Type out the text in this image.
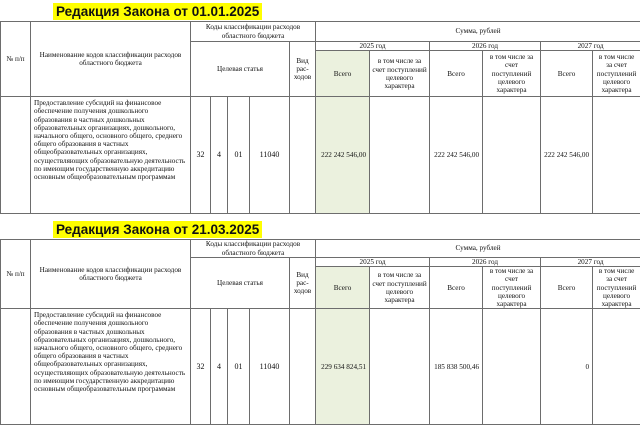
Редакция Закона от 01.01.2025
№ п/п	Наименование кодов классификации расходов областного бюджета	Коды классификации расходов областного бюджета					Сумма, рублей					
		Целевая статья				Вид рас-ходов	2025 год		2026 год		2027 год	
							Всего	в том числе за счет поступлений целевого характера	Всего	в том числе за счет поступлений целевого характера	Всего	в том числе за счет поступлений целевого характера
	Предоставление субсидий на финансовое обеспечение получения дошкольного образования в частных дошкольных образовательных организациях, дошкольного, начального общего, основного общего, среднего общего образования в частных общеобразовательных организациях, осуществляющих образовательную деятельность по имеющим государственную аккредитацию основным общеобразовательным программам	32	4	01	11040		222 242 546,00		222 242 546,00		222 242 546,00	
Редакция Закона от 21.03.2025
№ п/п	Наименование кодов классификации расходов областного бюджета	Коды классификации расходов областного бюджета					Сумма, рублей					
		Целевая статья				Вид рас-ходов	2025 год		2026 год		2027 год	
							Всего	в том числе за счет поступлений целевого характера	Всего	в том числе за счет поступлений целевого характера	Всего	в том числе за счет поступлений целевого характера
	Предоставление субсидий на финансовое обеспечение получения дошкольного образования в частных дошкольных образовательных организациях, дошкольного, начального общего, основного общего, среднего общего образования в частных общеобразовательных организациях, осуществляющих образовательную деятельность по имеющим государственную аккредитацию основным общеобразовательным программам	32	4	01	11040		229 634 824,51		185 838 500,46		0	
